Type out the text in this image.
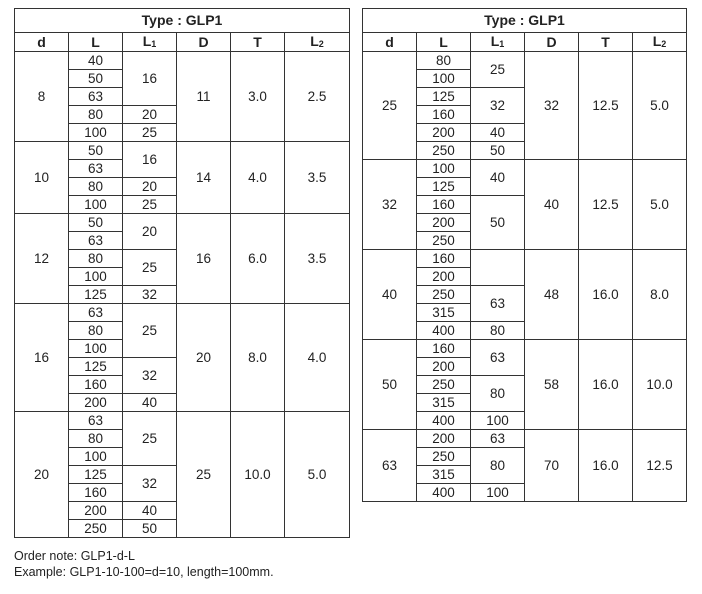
Type : GLP1					
d	L	$L_1$	D	T	$L_2$
8	40	16	11	3.0	2.5
	50				
	63				
	80	20			
	100	25			
10	50	16	14	4.0	3.5
	63				
	80	20			
	100	25			
12	50	20	16	6.0	3.5
	63				
	80	25			
	100				
	125	32			
16	63	25	20	8.0	4.0
	80				
	100				
	125	32			
	160				
	200	40			
20	63	25	25	10.0	5.0
	80				
	100				
	125	32			
	160				
	200	40			
	250	50			
Type : GLP1					
d	L	$L_1$	D	T	$L_2$
25	80	25	32	12.5	5.0
	100				
	125	32			
	160				
	200	40			
	250	50			
32	100	40	40	12.5	5.0
	125				
	160	50			
	200				
	250				
40	160		48	16.0	8.0
	200				
	250	63			
	315				
	400	80			
50	160	63	58	16.0	10.0
	200				
	250	80			
	315				
	400	100			
63	200	63	70	16.0	12.5
	250	80			
	315				
	400	100			
Order note: GLP1-d-L
Example: GLP1-10-100=d=10, length=100mm.
